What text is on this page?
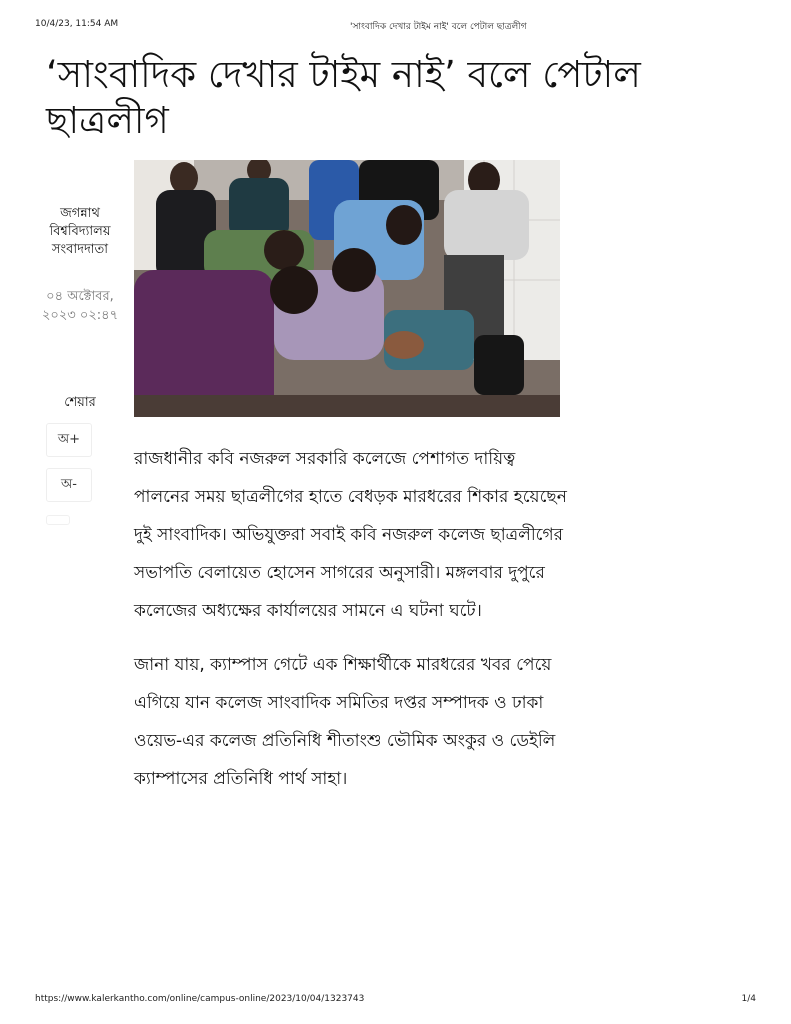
10/4/23, 11:54 AM	'সাংবাদিক দেখার টাইম নাই' বলে পেটাল ছাত্রলীগ
‘সাংবাদিক দেখার টাইম নাই’ বলে পেটাল ছাত্রলীগ
জগন্নাথ বিশ্ববিদ্যালয় সংবাদদাতা
০৪ অক্টোবর, ২০২৩ ০২:৪৭
শেয়ার
অ+
অ-

রাজধানীর কবি নজরুল সরকারি কলেজে পেশাগত দায়িত্ব পালনের সময় ছাত্রলীগের হাতে বেধড়ক মারধরের শিকার হয়েছেন দুই সাংবাদিক। অভিযুক্তরা সবাই কবি নজরুল কলেজ ছাত্রলীগের সভাপতি বেলায়েত হোসেন সাগরের অনুসারী। মঙ্গলবার দুপুরে কলেজের অধ্যক্ষের কার্যালয়ের সামনে এ ঘটনা ঘটে।

জানা যায়, ক্যাম্পাস গেটে এক শিক্ষার্থীকে মারধরের খবর পেয়ে এগিয়ে যান কলেজ সাংবাদিক সমিতির দপ্তর সম্পাদক ও ঢাকা ওয়েভ-এর কলেজ প্রতিনিধি শীতাংশু ভৌমিক অংকুর ও ডেইলি ক্যাম্পাসের প্রতিনিধি পার্থ সাহা।

https://www.kalerkantho.com/online/campus-online/2023/10/04/1323743	1/4
